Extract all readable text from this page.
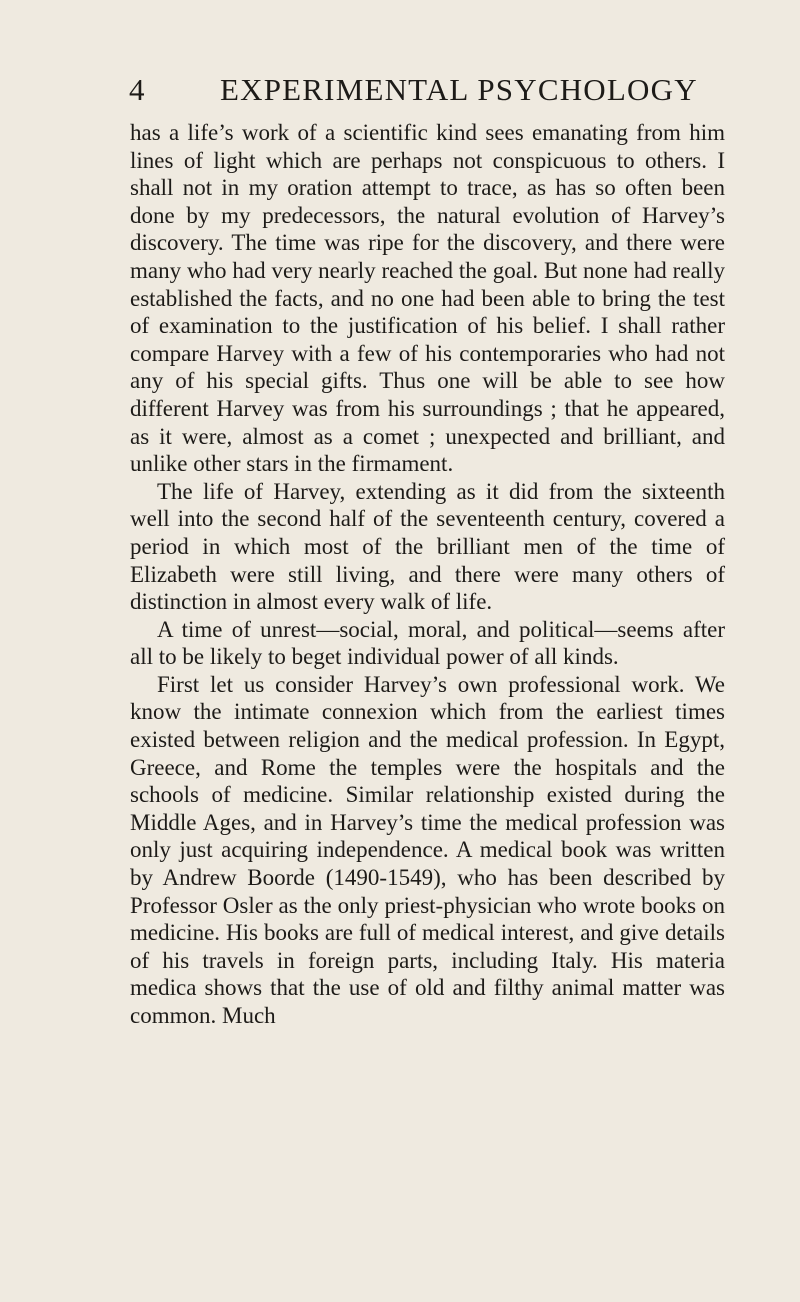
4 EXPERIMENTAL PSYCHOLOGY

has a life’s work of a scientific kind sees emanating from him lines of light which are perhaps not conspicuous to others. I shall not in my oration attempt to trace, as has so often been done by my predecessors, the natural evolution of Harvey’s discovery. The time was ripe for the discovery, and there were many who had very nearly reached the goal. But none had really established the facts, and no one had been able to bring the test of examination to the justification of his belief. I shall rather compare Harvey with a few of his contemporaries who had not any of his special gifts. Thus one will be able to see how different Harvey was from his surroundings ; that he appeared, as it were, almost as a comet ; unexpected and brilliant, and unlike other stars in the firmament.

The life of Harvey, extending as it did from the sixteenth well into the second half of the seventeenth century, covered a period in which most of the brilliant men of the time of Elizabeth were still living, and there were many others of distinction in almost every walk of life.

A time of unrest—social, moral, and political—seems after all to be likely to beget individual power of all kinds.

First let us consider Harvey’s own professional work. We know the intimate connexion which from the earliest times existed between religion and the medical profession. In Egypt, Greece, and Rome the temples were the hospitals and the schools of medicine. Similar relationship existed during the Middle Ages, and in Harvey’s time the medical profession was only just acquiring independence. A medical book was written by Andrew Boorde (1490-1549), who has been described by Professor Osler as the only priest-physician who wrote books on medicine. His books are full of medical interest, and give details of his travels in foreign parts, including Italy. His materia medica shows that the use of old and filthy animal matter was common. Much
